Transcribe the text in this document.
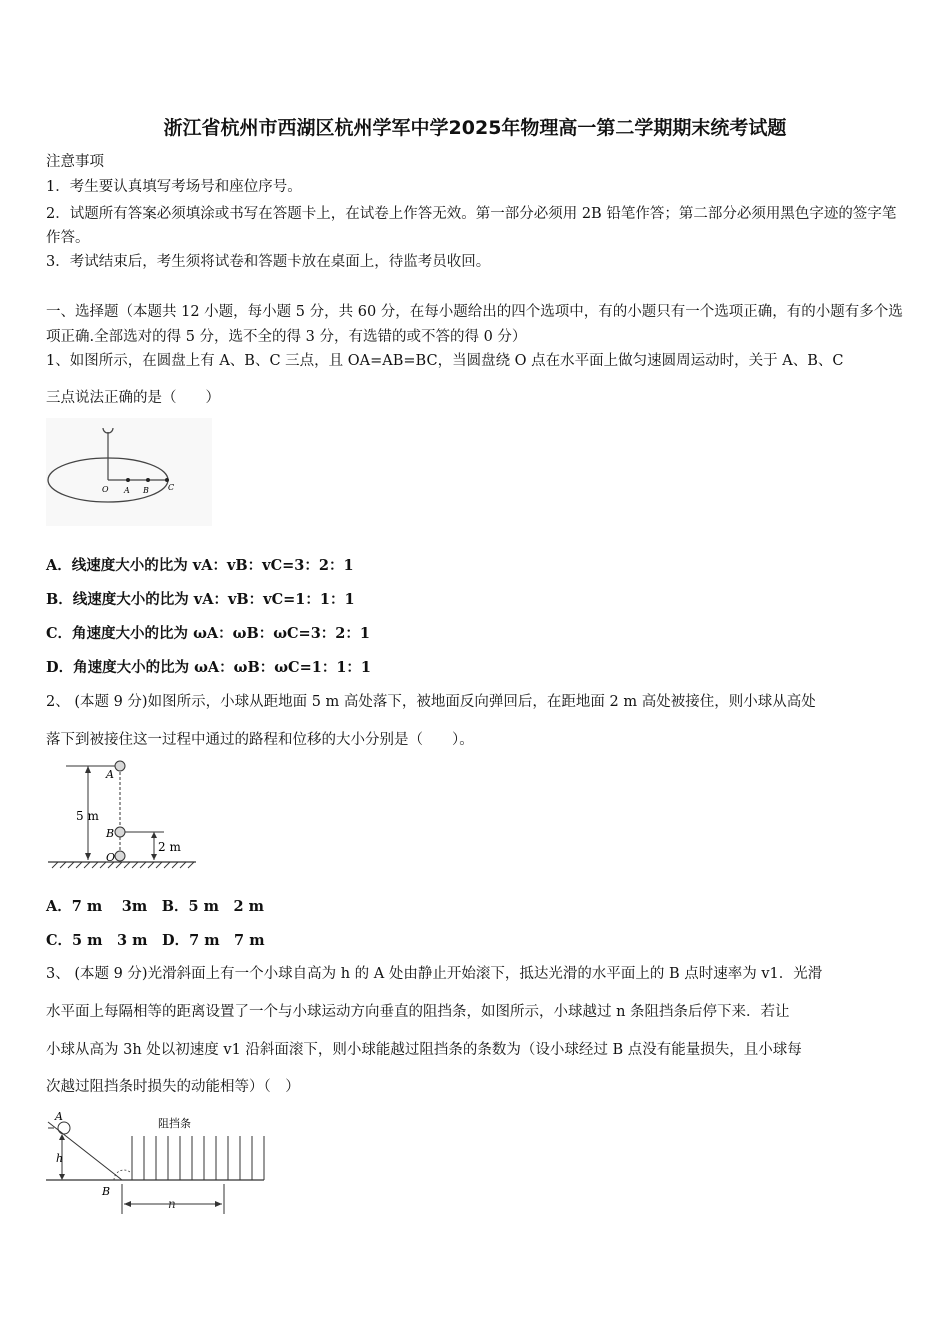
浙江省杭州市西湖区杭州学军中学2025年物理高一第二学期期末统考试题
注意事项
1．考生要认真填写考场号和座位序号。
2．试题所有答案必须填涂或书写在答题卡上，在试卷上作答无效。第一部分必须用 2B 铅笔作答；第二部分必须用黑色字迹的签字笔作答。
3．考试结束后，考生须将试卷和答题卡放在桌面上，待监考员收回。
一、选择题（本题共 12 小题，每小题 5 分，共 60 分，在每小题给出的四个选项中，有的小题只有一个选项正确，有的小题有多个选项正确.全部选对的得 5 分，选不全的得 3 分，有选错的或不答的得 0 分）
1、如图所示，在圆盘上有 A、B、C 三点，且 OA=AB=BC，当圆盘绕 O 点在水平面上做匀速圆周运动时，关于 A、B、C
三点说法正确的是（　　）
O A B C
A．线速度大小的比为 vA：vB：vC=3：2：1
B．线速度大小的比为 vA：vB：vC=1：1：1
C．角速度大小的比为 ωA：ωB：ωC=3：2：1
D．角速度大小的比为 ωA：ωB：ωC=1：1：1
2、 (本题 9 分)如图所示，小球从距地面 5 m 高处落下，被地面反向弹回后，在距地面 2 m 高处被接住，则小球从高处
落下到被接住这一过程中通过的路程和位移的大小分别是（　　）。
5 m
A
B
2 m
O
A．7 m　 3m　B．5 m　2 m
C．5 m　3 m　D．7 m　7 m
3、 (本题 9 分)光滑斜面上有一个小球自高为 h 的 A 处由静止开始滚下，抵达光滑的水平面上的 B 点时速率为 v1．光滑
水平面上每隔相等的距离设置了一个与小球运动方向垂直的阻挡条，如图所示，小球越过 n 条阻挡条后停下来．若让
小球从高为 3h 处以初速度 v1 沿斜面滚下，则小球能越过阻挡条的条数为（设小球经过 B 点没有能量损失，且小球每
次越过阻挡条时损失的动能相等）（　）
A
h
B
阻挡条
n
